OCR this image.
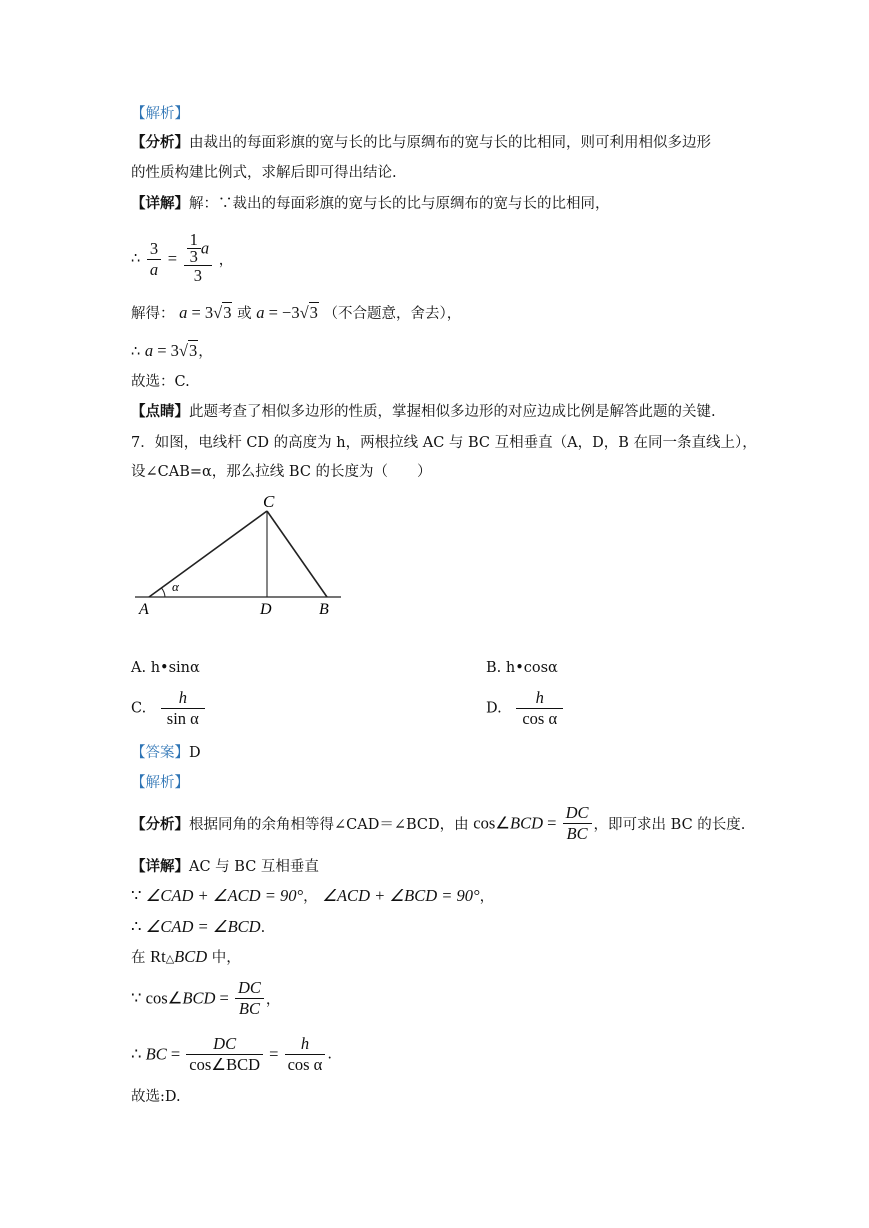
【解析】
【分析】由裁出的每面彩旗的宽与长的比与原绸布的宽与长的比相同，则可利用相似多边形
的性质构建比例式，求解后即可得出结论.
【详解】解：∵裁出的每面彩旗的宽与长的比与原绸布的宽与长的比相同，
∴ $\frac{3}{a} = \frac{\frac{1}{3} a}{3}$ ，
解得： a = 3√3 或 a = −3√3 （不合题意，舍去），
∴ a = 3√3，
故选：C.
【点睛】此题考查了相似多边形的性质，掌握相似多边形的对应边成比例是解答此题的关键.
7．如图，电线杆 CD 的高度为 h，两根拉线 AC 与 BC 互相垂直（A，D，B 在同一条直线上），
设∠CAB=α，那么拉线 BC 的长度为（　　）
C
A	D	B
α
A. h•sinα	B. h•cosα
C. $\frac{h}{\text{sin α}}$	D. $\frac{h}{\text{cos α}}$
【答案】D
【解析】
【分析】根据同角的余角相等得∠CAD＝∠BCD，由 cos∠BCD = $\frac{DC}{BC}$ ，即可求出 BC 的长度.
【详解】AC 与 BC 互相垂直
∵ ∠CAD + ∠ACD = 90°， ∠ACD + ∠BCD = 90°，
∴ ∠CAD = ∠BCD.
在 Rt△BCD 中，
∵ cos∠BCD = $\frac{DC}{BC}$ ，
∴ BC = $\frac{DC}{\text{cos∠BCD}} = \frac{h}{\text{cos α}}$ .
故选:D.
